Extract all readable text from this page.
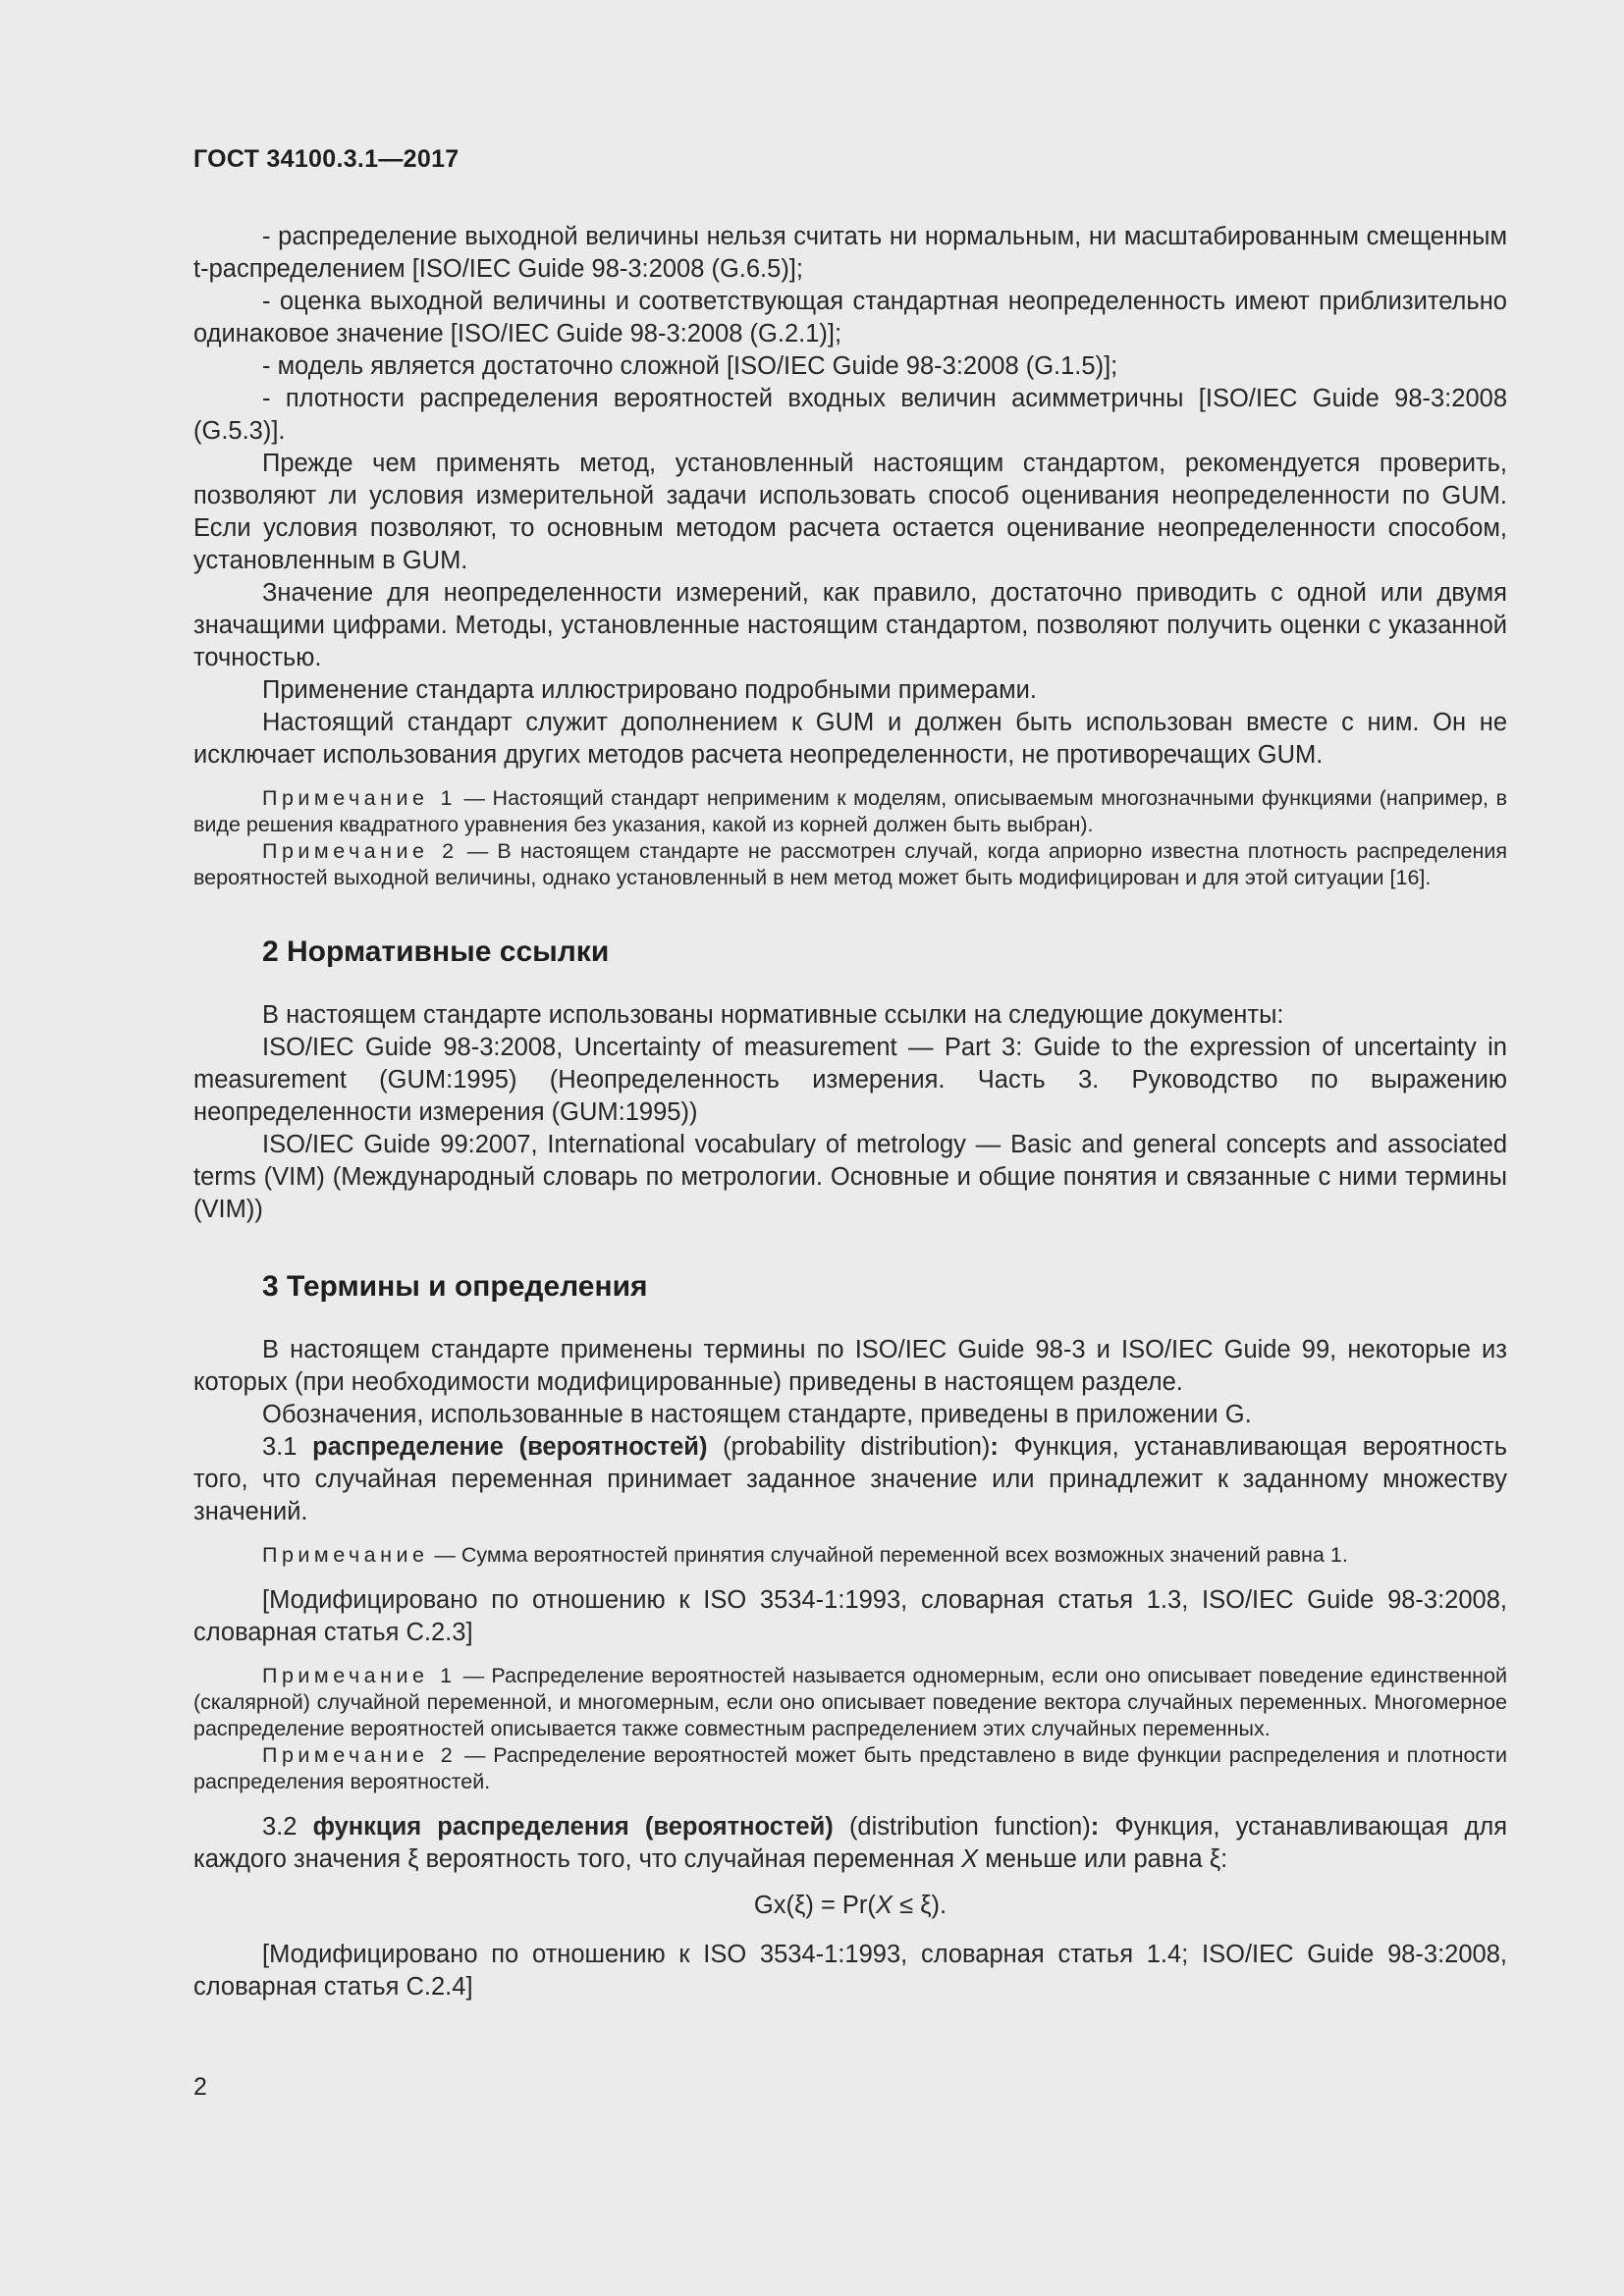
ГОСТ 34100.3.1—2017

- распределение выходной величины нельзя считать ни нормальным, ни масштабированным смещенным t-распределением [ISO/IEC Guide 98-3:2008 (G.6.5)];

- оценка выходной величины и соответствующая стандартная неопределенность имеют приблизительно одинаковое значение [ISO/IEC Guide 98-3:2008 (G.2.1)];

- модель является достаточно сложной [ISO/IEC Guide 98-3:2008 (G.1.5)];

- плотности распределения вероятностей входных величин асимметричны [ISO/IEC Guide 98-3:2008 (G.5.3)].

Прежде чем применять метод, установленный настоящим стандартом, рекомендуется проверить, позволяют ли условия измерительной задачи использовать способ оценивания неопределенности по GUM. Если условия позволяют, то основным методом расчета остается оценивание неопределенности способом, установленным в GUM.

Значение для неопределенности измерений, как правило, достаточно приводить с одной или двумя значащими цифрами. Методы, установленные настоящим стандартом, позволяют получить оценки с указанной точностью.

Применение стандарта иллюстрировано подробными примерами.

Настоящий стандарт служит дополнением к GUM и должен быть использован вместе с ним. Он не исключает использования других методов расчета неопределенности, не противоречащих GUM.

Примечание 1 — Настоящий стандарт неприменим к моделям, описываемым многозначными функциями (например, в виде решения квадратного уравнения без указания, какой из корней должен быть выбран).

Примечание 2 — В настоящем стандарте не рассмотрен случай, когда априорно известна плотность распределения вероятностей выходной величины, однако установленный в нем метод может быть модифицирован и для этой ситуации [16].

2 Нормативные ссылки

В настоящем стандарте использованы нормативные ссылки на следующие документы:

ISO/IEC Guide 98-3:2008, Uncertainty of measurement — Part 3: Guide to the expression of uncertainty in measurement (GUM:1995) (Неопределенность измерения. Часть 3. Руководство по выражению неопределенности измерения (GUM:1995))

ISO/IEC Guide 99:2007, International vocabulary of metrology — Basic and general concepts and associated terms (VIM) (Международный словарь по метрологии. Основные и общие понятия и связанные с ними термины (VIM))

3 Термины и определения

В настоящем стандарте применены термины по ISO/IEC Guide 98-3 и ISO/IEC Guide 99, некоторые из которых (при необходимости модифицированные) приведены в настоящем разделе.

Обозначения, использованные в настоящем стандарте, приведены в приложении G.

3.1 распределение (вероятностей) (probability distribution): Функция, устанавливающая вероятность того, что случайная переменная принимает заданное значение или принадлежит к заданному множеству значений.

Примечание — Сумма вероятностей принятия случайной переменной всех возможных значений равна 1.

[Модифицировано по отношению к ISO 3534-1:1993, словарная статья 1.3, ISO/IEC Guide 98-3:2008, словарная статья С.2.3]

Примечание 1 — Распределение вероятностей называется одномерным, если оно описывает поведение единственной (скалярной) случайной переменной, и многомерным, если оно описывает поведение вектора случайных переменных. Многомерное распределение вероятностей описывается также совместным распределением этих случайных переменных.

Примечание 2 — Распределение вероятностей может быть представлено в виде функции распределения и плотности распределения вероятностей.

3.2 функция распределения (вероятностей) (distribution function): Функция, устанавливающая для каждого значения ξ вероятность того, что случайная переменная X меньше или равна ξ:

Gx(ξ) = Pr(X ≤ ξ).

[Модифицировано по отношению к ISO 3534-1:1993, словарная статья 1.4; ISO/IEC Guide 98-3:2008, словарная статья С.2.4]

2
